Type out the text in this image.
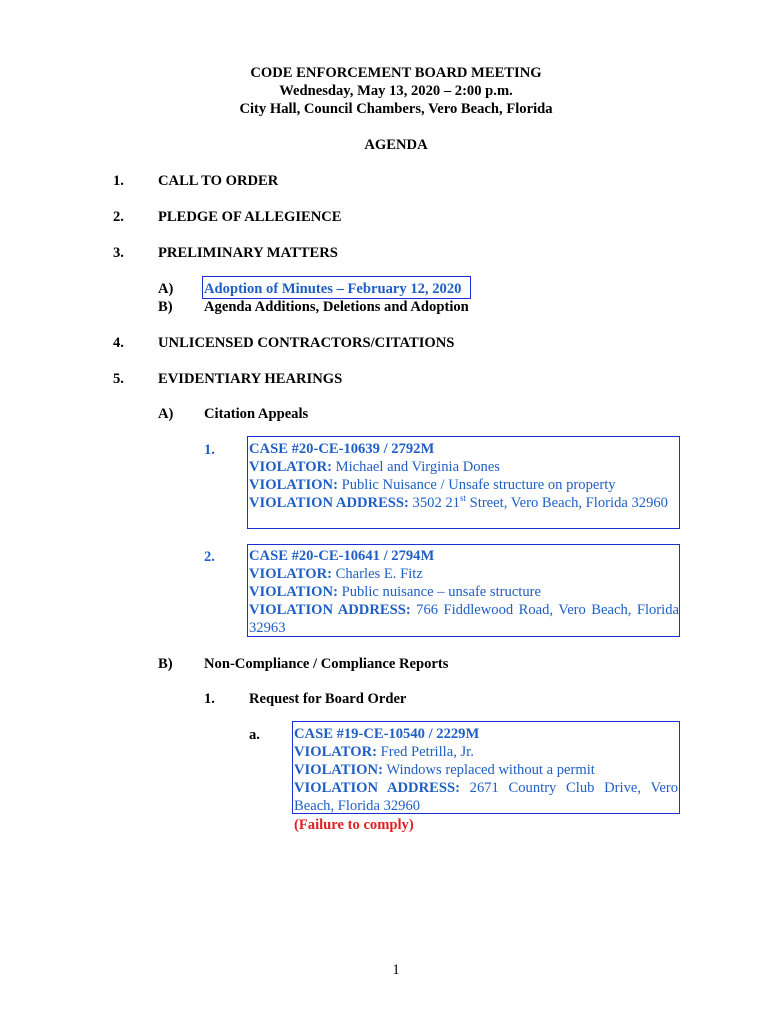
CODE ENFORCEMENT BOARD MEETING
Wednesday, May 13, 2020 – 2:00 p.m.
City Hall, Council Chambers, Vero Beach, Florida
AGENDA
1. CALL TO ORDER
2. PLEDGE OF ALLEGIENCE
3. PRELIMINARY MATTERS
A) Adoption of Minutes – February 12, 2020
B) Agenda Additions, Deletions and Adoption
4. UNLICENSED CONTRACTORS/CITATIONS
5. EVIDENTIARY HEARINGS
A) Citation Appeals
1. CASE #20-CE-10639 / 2792M
VIOLATOR: Michael and Virginia Dones
VIOLATION: Public Nuisance / Unsafe structure on property
VIOLATION ADDRESS: 3502 21st Street, Vero Beach, Florida 32960
2. CASE #20-CE-10641 / 2794M
VIOLATOR: Charles E. Fitz
VIOLATION: Public nuisance – unsafe structure
VIOLATION ADDRESS: 766 Fiddlewood Road, Vero Beach, Florida 32963
B) Non-Compliance / Compliance Reports
1. Request for Board Order
a. CASE #19-CE-10540 / 2229M
VIOLATOR: Fred Petrilla, Jr.
VIOLATION: Windows replaced without a permit
VIOLATION ADDRESS: 2671 Country Club Drive, Vero Beach, Florida 32960
(Failure to comply)
1
